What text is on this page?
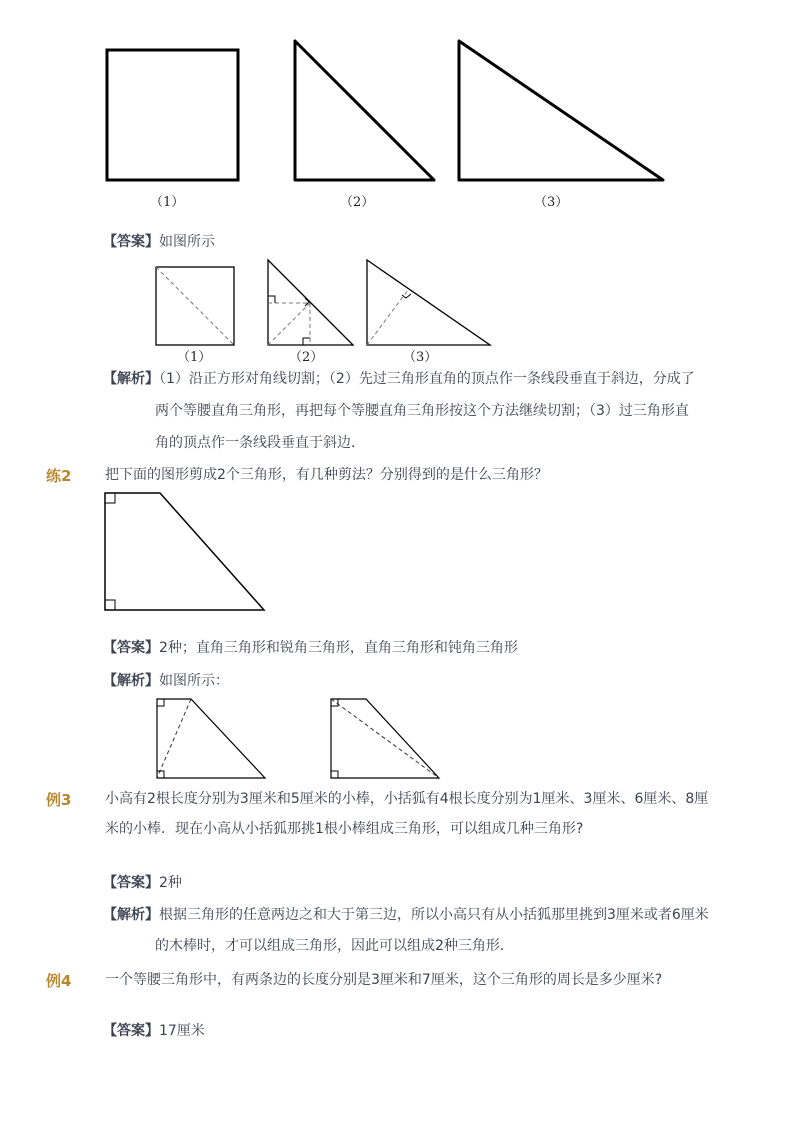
（1）	（2）	（3）
【答案】如图所示
（1）	（2）	（3）
【解析】（1）沿正方形对角线切割；（2）先过三角形直角的顶点作一条线段垂直于斜边，分成了
两个等腰直角三角形，再把每个等腰直角三角形按这个方法继续切割；（3）过三角形直
角的顶点作一条线段垂直于斜边．
练2 把下面的图形剪成2个三角形，有几种剪法？分别得到的是什么三角形？
【答案】2种；直角三角形和锐角三角形，直角三角形和钝角三角形
【解析】如图所示：
例3 小高有2根长度分别为3厘米和5厘米的小棒，小括狐有4根长度分别为1厘米、3厘米、6厘米、8厘
米的小棒．现在小高从小括狐那挑1根小棒组成三角形，可以组成几种三角形?
【答案】2种
【解析】根据三角形的任意两边之和大于第三边，所以小高只有从小括狐那里挑到3厘米或者6厘米
的木棒时，才可以组成三角形，因此可以组成2种三角形．
例4 一个等腰三角形中，有两条边的长度分别是3厘米和7厘米，这个三角形的周长是多少厘米?
【答案】17厘米
